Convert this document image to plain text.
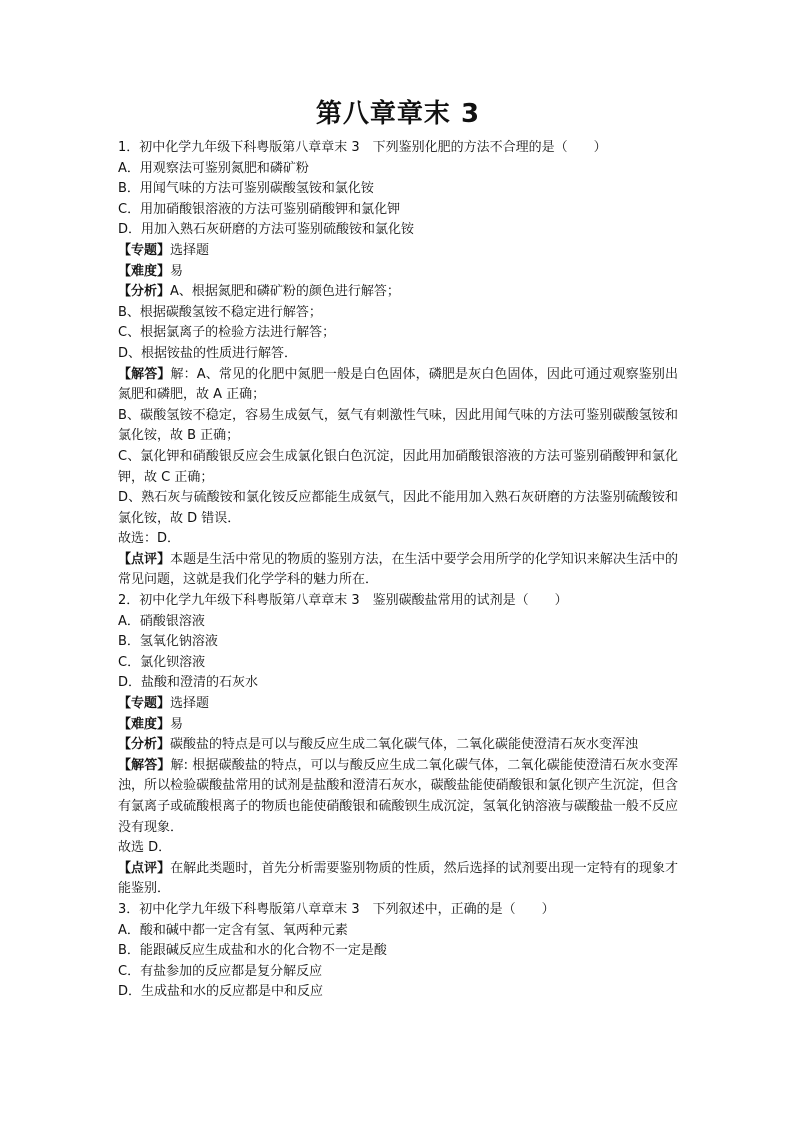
第八章章末 3
1．初中化学九年级下科粤版第八章章末 3　下列鉴别化肥的方法不合理的是（　　）
A．用观察法可鉴别氮肥和磷矿粉
B．用闻气味的方法可鉴别碳酸氢铵和氯化铵
C．用加硝酸银溶液的方法可鉴别硝酸钾和氯化钾
D．用加入熟石灰研磨的方法可鉴别硫酸铵和氯化铵
【专题】选择题
【难度】易
【分析】A、根据氮肥和磷矿粉的颜色进行解答；
B、根据碳酸氢铵不稳定进行解答；
C、根据氯离子的检验方法进行解答；
D、根据铵盐的性质进行解答．
【解答】解：A、常见的化肥中氮肥一般是白色固体，磷肥是灰白色固体，因此可通过观察鉴别出氮肥和磷肥，故 A 正确；
B、碳酸氢铵不稳定，容易生成氨气，氨气有刺激性气味，因此用闻气味的方法可鉴别碳酸氢铵和氯化铵，故 B 正确；
C、氯化钾和硝酸银反应会生成氯化银白色沉淀，因此用加硝酸银溶液的方法可鉴别硝酸钾和氯化钾，故 C 正确；
D、熟石灰与硫酸铵和氯化铵反应都能生成氨气，因此不能用加入熟石灰研磨的方法鉴别硫酸铵和氯化铵，故 D 错误．
故选：D．
【点评】本题是生活中常见的物质的鉴别方法，在生活中要学会用所学的化学知识来解决生活中的常见问题，这就是我们化学学科的魅力所在．
2．初中化学九年级下科粤版第八章章末 3　鉴别碳酸盐常用的试剂是（　　）
A．硝酸银溶液
B．氢氧化钠溶液
C．氯化钡溶液
D．盐酸和澄清的石灰水
【专题】选择题
【难度】易
【分析】碳酸盐的特点是可以与酸反应生成二氧化碳气体，二氧化碳能使澄清石灰水变浑浊
【解答】解: 根据碳酸盐的特点，可以与酸反应生成二氧化碳气体，二氧化碳能使澄清石灰水变浑浊，所以检验碳酸盐常用的试剂是盐酸和澄清石灰水，碳酸盐能使硝酸银和氯化钡产生沉淀，但含有氯离子或硫酸根离子的物质也能使硝酸银和硫酸钡生成沉淀，氢氧化钠溶液与碳酸盐一般不反应没有现象．
故选 D．
【点评】在解此类题时，首先分析需要鉴别物质的性质，然后选择的试剂要出现一定特有的现象才能鉴别．
3．初中化学九年级下科粤版第八章章末 3　下列叙述中，正确的是（　　）
A．酸和碱中都一定含有氢、氧两种元素
B．能跟碱反应生成盐和水的化合物不一定是酸
C．有盐参加的反应都是复分解反应
D．生成盐和水的反应都是中和反应
